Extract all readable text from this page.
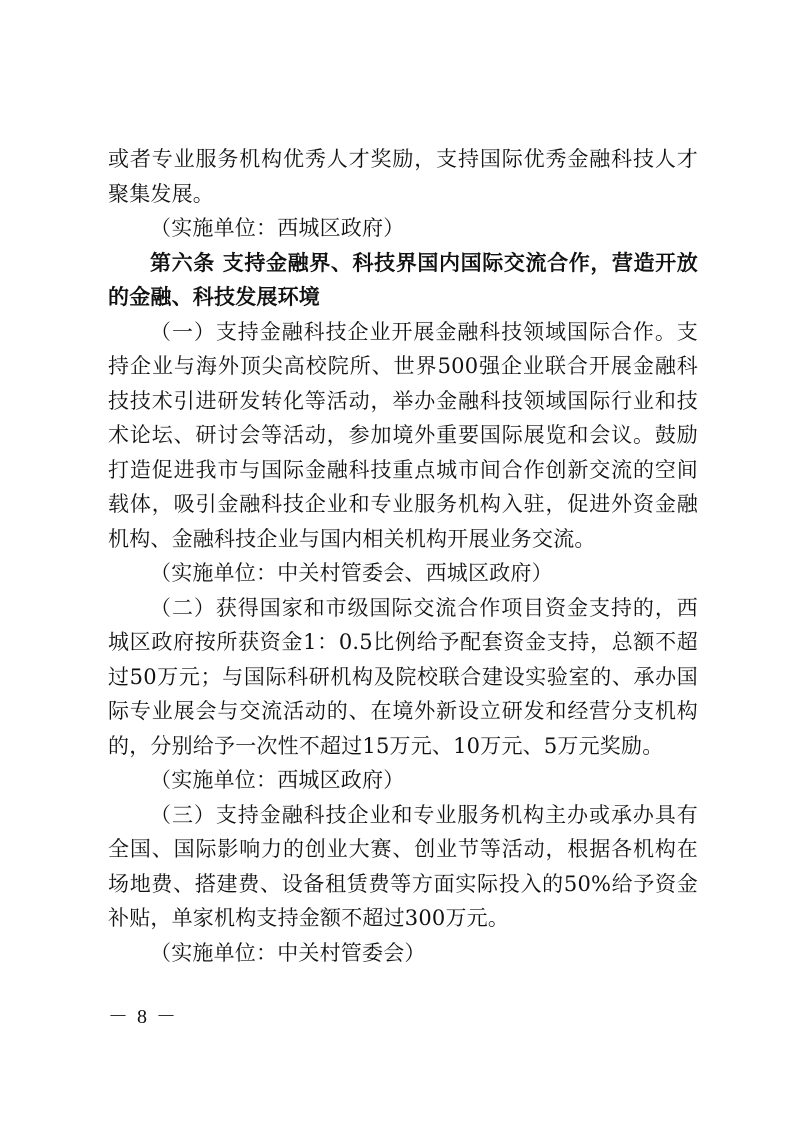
或者专业服务机构优秀人才奖励，支持国际优秀金融科技人才聚集发展。

（实施单位：西城区政府）

第六条 支持金融界、科技界国内国际交流合作，营造开放的金融、科技发展环境

（一）支持金融科技企业开展金融科技领域国际合作。支持企业与海外顶尖高校院所、世界500强企业联合开展金融科技技术引进研发转化等活动，举办金融科技领域国际行业和技术论坛、研讨会等活动，参加境外重要国际展览和会议。鼓励打造促进我市与国际金融科技重点城市间合作创新交流的空间载体，吸引金融科技企业和专业服务机构入驻，促进外资金融机构、金融科技企业与国内相关机构开展业务交流。

（实施单位：中关村管委会、西城区政府）

（二）获得国家和市级国际交流合作项目资金支持的，西城区政府按所获资金1：0.5比例给予配套资金支持，总额不超过50万元；与国际科研机构及院校联合建设实验室的、承办国际专业展会与交流活动的、在境外新设立研发和经营分支机构的，分别给予一次性不超过15万元、10万元、5万元奖励。

（实施单位：西城区政府）

（三）支持金融科技企业和专业服务机构主办或承办具有全国、国际影响力的创业大赛、创业节等活动，根据各机构在场地费、搭建费、设备租赁费等方面实际投入的50%给予资金补贴，单家机构支持金额不超过300万元。

（实施单位：中关村管委会）

－ 8 －
